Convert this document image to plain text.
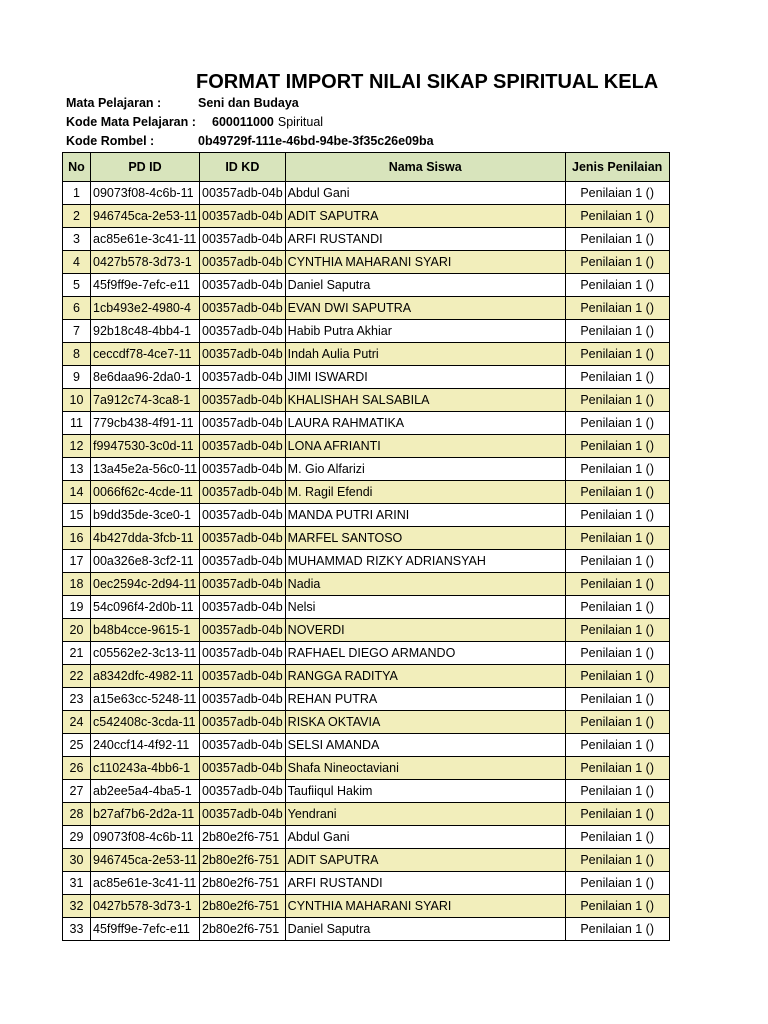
FORMAT IMPORT NILAI SIKAP SPIRITUAL KELA
Mata Pelajaran :	Seni dan Budaya
Kode Mata Pelajaran : 600011000 Spiritual
Kode Rombel :	0b49729f-111e-46bd-94be-3f35c26e09ba
No	PD ID	ID KD	Nama Siswa	Jenis Penilaian
1	09073f08-4c6b-11	00357adb-04b	Abdul Gani	Penilaian 1 ()
2	946745ca-2e53-11	00357adb-04b	ADIT SAPUTRA	Penilaian 1 ()
3	ac85e61e-3c41-11	00357adb-04b	ARFI RUSTANDI	Penilaian 1 ()
4	0427b578-3d73-1	00357adb-04b	CYNTHIA MAHARANI SYARI	Penilaian 1 ()
5	45f9ff9e-7efc-e11	00357adb-04b	Daniel Saputra	Penilaian 1 ()
6	1cb493e2-4980-4	00357adb-04b	EVAN DWI SAPUTRA	Penilaian 1 ()
7	92b18c48-4bb4-1	00357adb-04b	Habib Putra Akhiar	Penilaian 1 ()
8	ceccdf78-4ce7-11	00357adb-04b	Indah Aulia Putri	Penilaian 1 ()
9	8e6daa96-2da0-1	00357adb-04b	JIMI ISWARDI	Penilaian 1 ()
10	7a912c74-3ca8-1	00357adb-04b	KHALISHAH SALSABILA	Penilaian 1 ()
11	779cb438-4f91-11	00357adb-04b	LAURA RAHMATIKA	Penilaian 1 ()
12	f9947530-3c0d-11	00357adb-04b	LONA AFRIANTI	Penilaian 1 ()
13	13a45e2a-56c0-11	00357adb-04b	M. Gio Alfarizi	Penilaian 1 ()
14	0066f62c-4cde-11	00357adb-04b	M. Ragil Efendi	Penilaian 1 ()
15	b9dd35de-3ce0-1	00357adb-04b	MANDA PUTRI ARINI	Penilaian 1 ()
16	4b427dda-3fcb-11	00357adb-04b	MARFEL SANTOSO	Penilaian 1 ()
17	00a326e8-3cf2-11	00357adb-04b	MUHAMMAD RIZKY ADRIANSYAH	Penilaian 1 ()
18	0ec2594c-2d94-11	00357adb-04b	Nadia	Penilaian 1 ()
19	54c096f4-2d0b-11	00357adb-04b	Nelsi	Penilaian 1 ()
20	b48b4cce-9615-1	00357adb-04b	NOVERDI	Penilaian 1 ()
21	c05562e2-3c13-11	00357adb-04b	RAFHAEL DIEGO ARMANDO	Penilaian 1 ()
22	a8342dfc-4982-11	00357adb-04b	RANGGA RADITYA	Penilaian 1 ()
23	a15e63cc-5248-11	00357adb-04b	REHAN PUTRA	Penilaian 1 ()
24	c542408c-3cda-11	00357adb-04b	RISKA OKTAVIA	Penilaian 1 ()
25	240ccf14-4f92-11	00357adb-04b	SELSI AMANDA	Penilaian 1 ()
26	c110243a-4bb6-1	00357adb-04b	Shafa Nineoctaviani	Penilaian 1 ()
27	ab2ee5a4-4ba5-1	00357adb-04b	Taufiiqul Hakim	Penilaian 1 ()
28	b27af7b6-2d2a-11	00357adb-04b	Yendrani	Penilaian 1 ()
29	09073f08-4c6b-11	2b80e2f6-751	Abdul Gani	Penilaian 1 ()
30	946745ca-2e53-11	2b80e2f6-751	ADIT SAPUTRA	Penilaian 1 ()
31	ac85e61e-3c41-11	2b80e2f6-751	ARFI RUSTANDI	Penilaian 1 ()
32	0427b578-3d73-1	2b80e2f6-751	CYNTHIA MAHARANI SYARI	Penilaian 1 ()
33	45f9ff9e-7efc-e11	2b80e2f6-751	Daniel Saputra	Penilaian 1 ()
